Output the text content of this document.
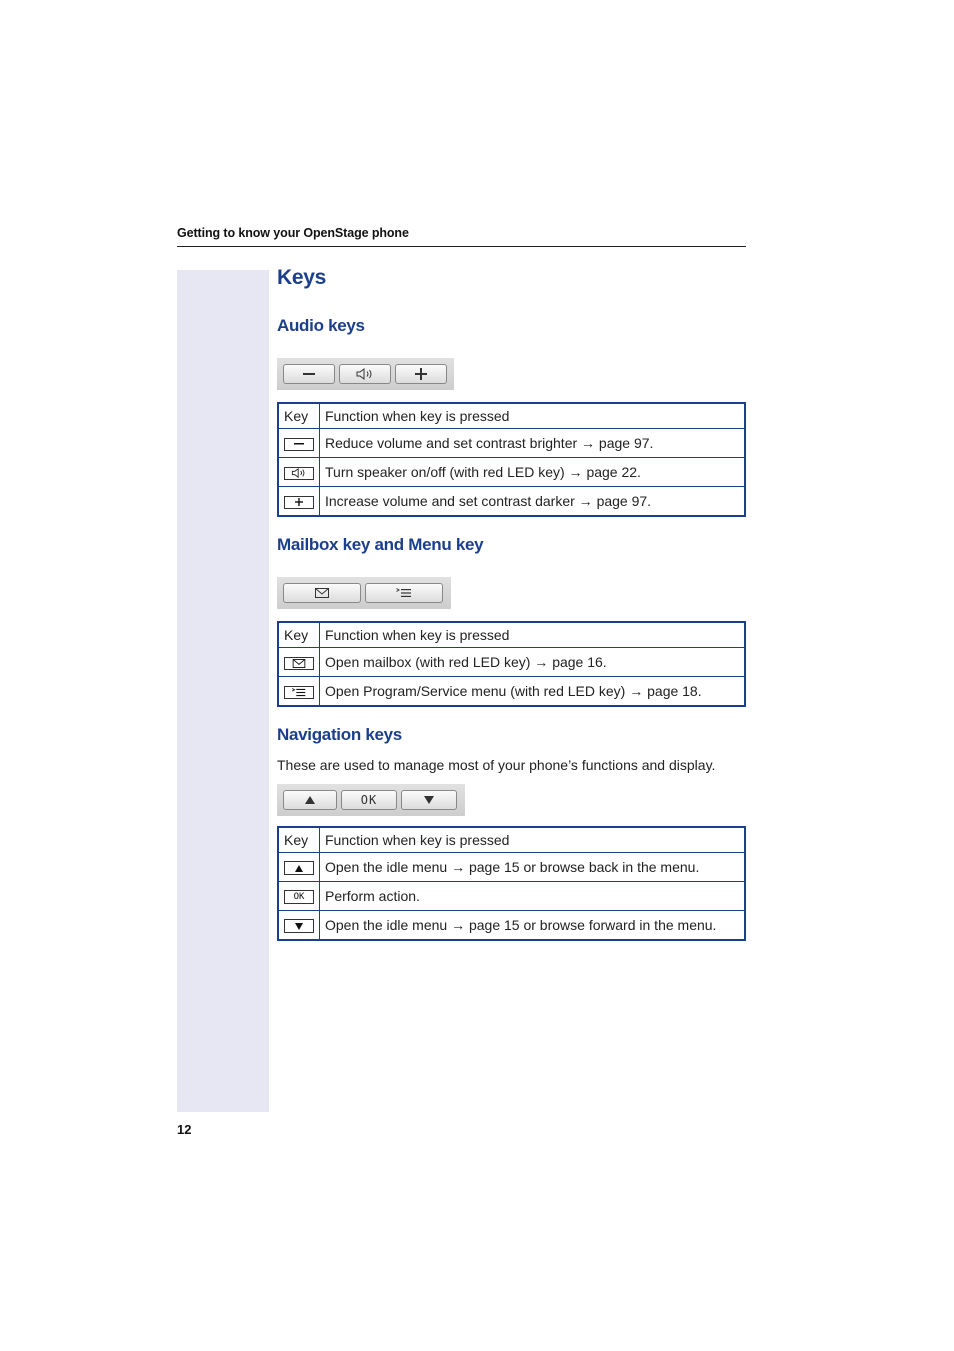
Getting to know your OpenStage phone
Keys
Audio keys
Key	Function when key is pressed

	Reduce volume and set contrast brighter → page 97.

	Turn speaker on/off (with red LED key) → page 22.

	Increase volume and set contrast darker → page 97.
Mailbox key and Menu key
Key	Function when key is pressed

	Open mailbox (with red LED key) → page 16.

	Open Program/Service menu (with red LED key) → page 18.
Navigation keys
These are used to manage most of your phone’s functions and display.
OK
Key	Function when key is pressed

	Open the idle menu → page 15 or browse back in the menu.
OK	Perform action.

	Open the idle menu → page 15 or browse forward in the menu.
12
